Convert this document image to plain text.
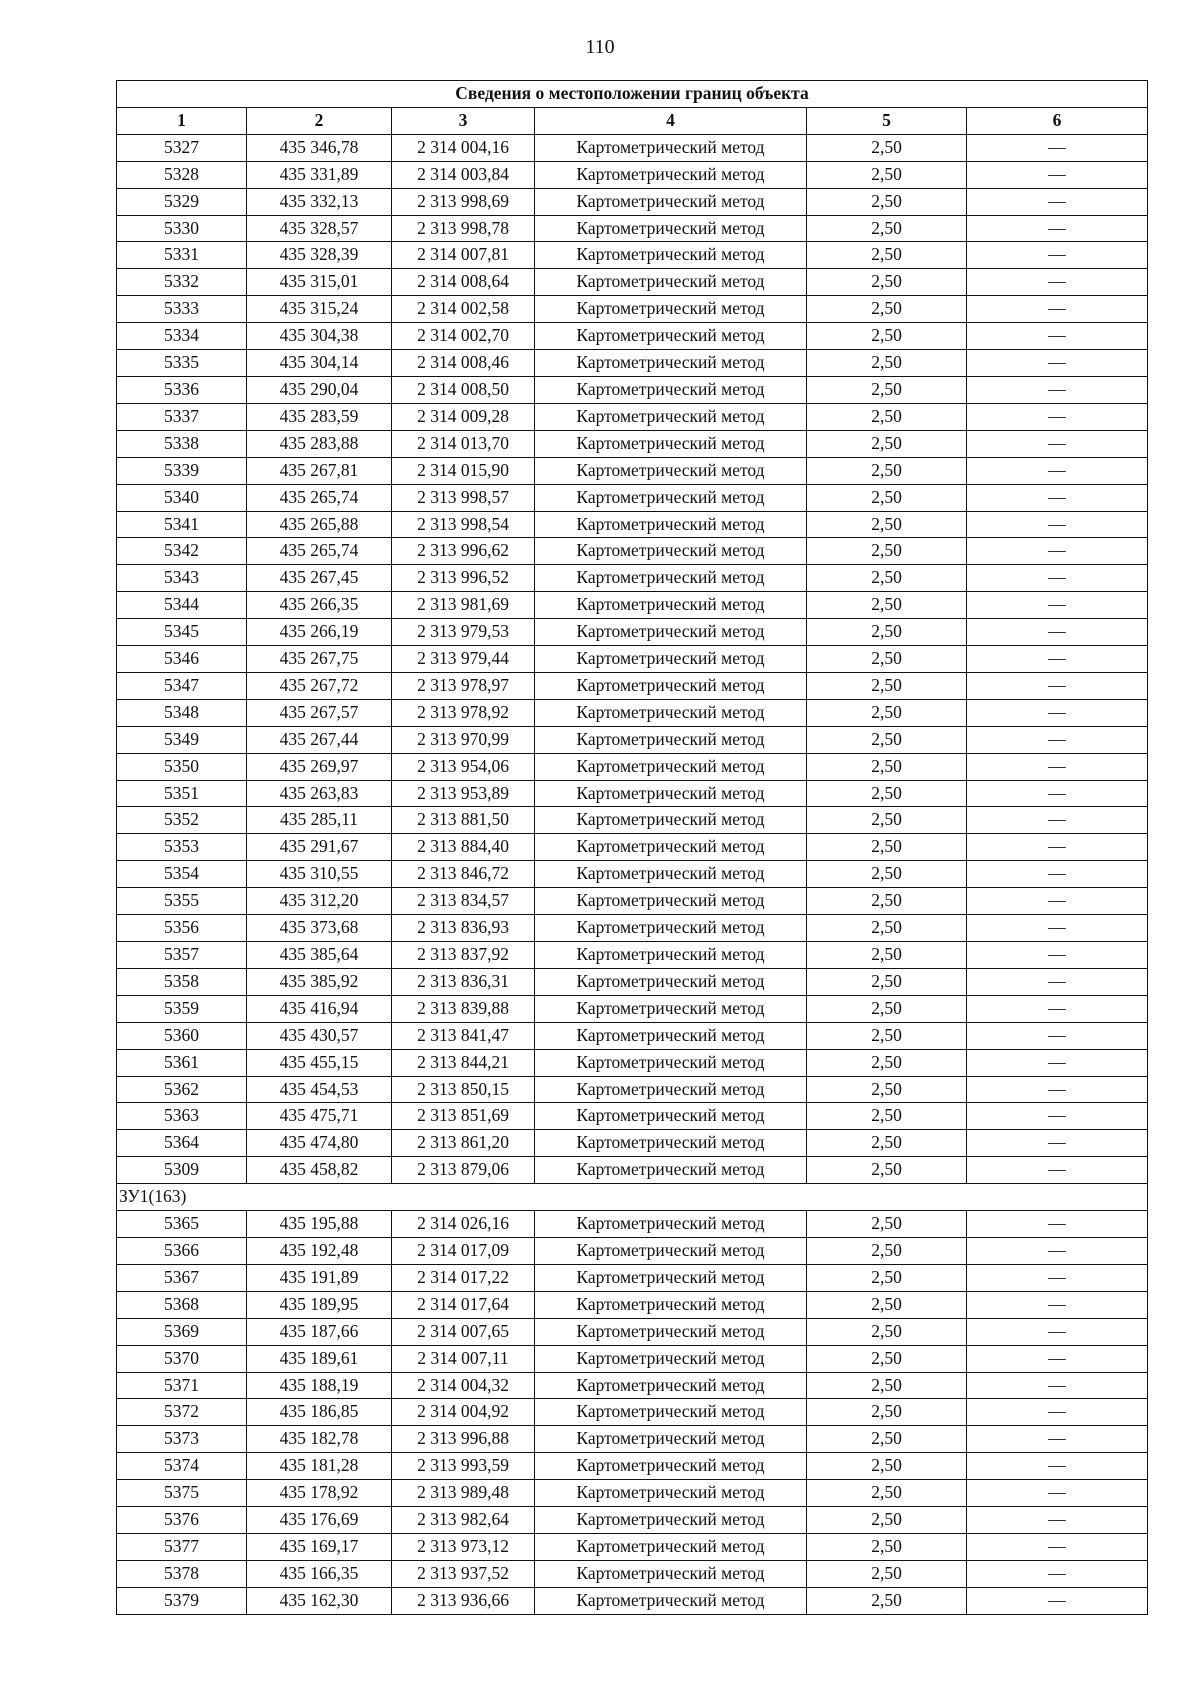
110
Сведения о местоположении границ объекта					
1	2	3	4	5	6
5327	435 346,78	2 314 004,16	Картометрический метод	2,50	—
5328	435 331,89	2 314 003,84	Картометрический метод	2,50	—
5329	435 332,13	2 313 998,69	Картометрический метод	2,50	—
5330	435 328,57	2 313 998,78	Картометрический метод	2,50	—
5331	435 328,39	2 314 007,81	Картометрический метод	2,50	—
5332	435 315,01	2 314 008,64	Картометрический метод	2,50	—
5333	435 315,24	2 314 002,58	Картометрический метод	2,50	—
5334	435 304,38	2 314 002,70	Картометрический метод	2,50	—
5335	435 304,14	2 314 008,46	Картометрический метод	2,50	—
5336	435 290,04	2 314 008,50	Картометрический метод	2,50	—
5337	435 283,59	2 314 009,28	Картометрический метод	2,50	—
5338	435 283,88	2 314 013,70	Картометрический метод	2,50	—
5339	435 267,81	2 314 015,90	Картометрический метод	2,50	—
5340	435 265,74	2 313 998,57	Картометрический метод	2,50	—
5341	435 265,88	2 313 998,54	Картометрический метод	2,50	—
5342	435 265,74	2 313 996,62	Картометрический метод	2,50	—
5343	435 267,45	2 313 996,52	Картометрический метод	2,50	—
5344	435 266,35	2 313 981,69	Картометрический метод	2,50	—
5345	435 266,19	2 313 979,53	Картометрический метод	2,50	—
5346	435 267,75	2 313 979,44	Картометрический метод	2,50	—
5347	435 267,72	2 313 978,97	Картометрический метод	2,50	—
5348	435 267,57	2 313 978,92	Картометрический метод	2,50	—
5349	435 267,44	2 313 970,99	Картометрический метод	2,50	—
5350	435 269,97	2 313 954,06	Картометрический метод	2,50	—
5351	435 263,83	2 313 953,89	Картометрический метод	2,50	—
5352	435 285,11	2 313 881,50	Картометрический метод	2,50	—
5353	435 291,67	2 313 884,40	Картометрический метод	2,50	—
5354	435 310,55	2 313 846,72	Картометрический метод	2,50	—
5355	435 312,20	2 313 834,57	Картометрический метод	2,50	—
5356	435 373,68	2 313 836,93	Картометрический метод	2,50	—
5357	435 385,64	2 313 837,92	Картометрический метод	2,50	—
5358	435 385,92	2 313 836,31	Картометрический метод	2,50	—
5359	435 416,94	2 313 839,88	Картометрический метод	2,50	—
5360	435 430,57	2 313 841,47	Картометрический метод	2,50	—
5361	435 455,15	2 313 844,21	Картометрический метод	2,50	—
5362	435 454,53	2 313 850,15	Картометрический метод	2,50	—
5363	435 475,71	2 313 851,69	Картометрический метод	2,50	—
5364	435 474,80	2 313 861,20	Картометрический метод	2,50	—
5309	435 458,82	2 313 879,06	Картометрический метод	2,50	—
ЗУ1(163)					
5365	435 195,88	2 314 026,16	Картометрический метод	2,50	—
5366	435 192,48	2 314 017,09	Картометрический метод	2,50	—
5367	435 191,89	2 314 017,22	Картометрический метод	2,50	—
5368	435 189,95	2 314 017,64	Картометрический метод	2,50	—
5369	435 187,66	2 314 007,65	Картометрический метод	2,50	—
5370	435 189,61	2 314 007,11	Картометрический метод	2,50	—
5371	435 188,19	2 314 004,32	Картометрический метод	2,50	—
5372	435 186,85	2 314 004,92	Картометрический метод	2,50	—
5373	435 182,78	2 313 996,88	Картометрический метод	2,50	—
5374	435 181,28	2 313 993,59	Картометрический метод	2,50	—
5375	435 178,92	2 313 989,48	Картометрический метод	2,50	—
5376	435 176,69	2 313 982,64	Картометрический метод	2,50	—
5377	435 169,17	2 313 973,12	Картометрический метод	2,50	—
5378	435 166,35	2 313 937,52	Картометрический метод	2,50	—
5379	435 162,30	2 313 936,66	Картометрический метод	2,50	—
